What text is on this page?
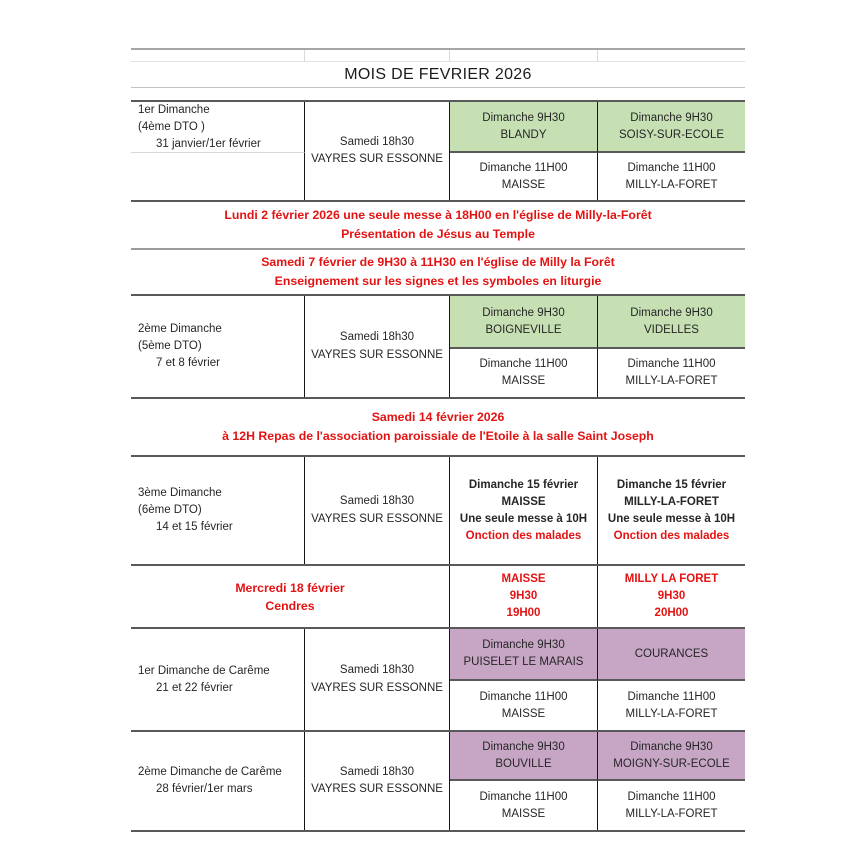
MOIS DE FEVRIER 2026
1er Dimanche
(4ème DTO )
31 janvier/1er février	Samedi 18h30
VAYRES SUR ESSONNE
Dimanche 9H30
BLANDY
Dimanche 9H30
SOISY-SUR-ECOLE
Dimanche 11H00
MAISSE
Dimanche 11H00
MILLY-LA-FORET
Lundi 2 février 2026 une seule messe à 18H00 en l'église de Milly-la-Forêt
Présentation de Jésus au Temple
Samedi 7 février de 9H30 à 11H30 en l'église de Milly la Forêt
Enseignement sur les signes et les symboles en liturgie
2ème Dimanche
(5ème DTO)
7 et 8 février
Samedi 18h30
VAYRES SUR ESSONNE
Dimanche 9H30
BOIGNEVILLE
Dimanche 9H30
VIDELLES
Dimanche 11H00
MAISSE
Dimanche 11H00
MILLY-LA-FORET
Samedi 14 février 2026
à 12H Repas de l'association paroissiale de l'Etoile à la salle Saint Joseph
3ème Dimanche
(6ème DTO)
14 et 15 février
Samedi 18h30
VAYRES SUR ESSONNE
Dimanche 15 février
MAISSE
Une seule messe à 10H
Onction des malades
Dimanche 15 février
MILLY-LA-FORET
Une seule messe à 10H
Onction des malades
Mercredi 18 février
Cendres
MAISSE
9H30
19H00
MILLY LA FORET
9H30
20H00
1er Dimanche de Carême
21 et 22 février
Samedi 18h30
VAYRES SUR ESSONNE
Dimanche 9H30
PUISELET LE MARAIS
COURANCES
Dimanche 11H00
MAISSE
Dimanche 11H00
MILLY-LA-FORET
2ème Dimanche de Carême
28 février/1er mars
Samedi 18h30
VAYRES SUR ESSONNE
Dimanche 9H30
BOUVILLE
Dimanche 9H30
MOIGNY-SUR-ECOLE
Dimanche 11H00
MAISSE
Dimanche 11H00
MILLY-LA-FORET
